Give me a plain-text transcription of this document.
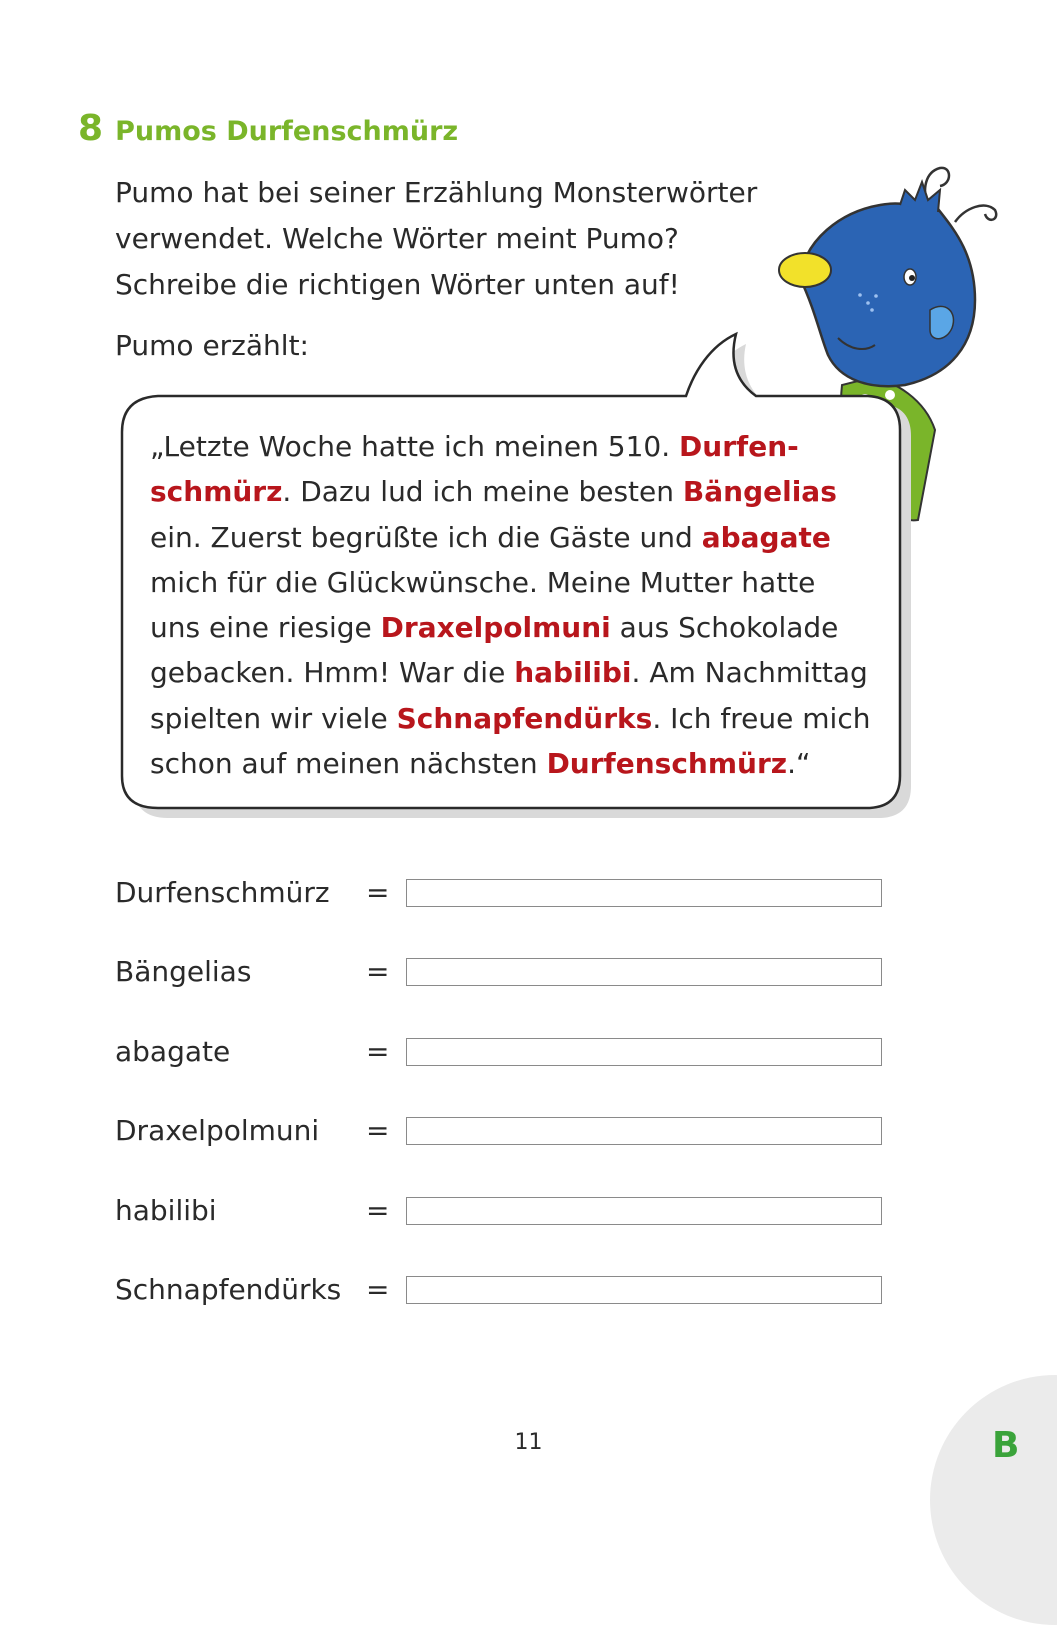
8 Pumos Durfenschmürz

Pumo hat bei seiner Erzählung Monsterwörter

verwendet. Welche Wörter meint Pumo?

Schreibe die richtigen Wörter unten auf!

Pumo erzählt:

„Letzte Woche hatte ich meinen 510. Durfen-
schmürz. Dazu lud ich meine besten Bängelias
ein. Zuerst begrüßte ich die Gäste und abagate
mich für die Glückwünsche. Meine Mutter hatte
uns eine riesige Draxelpolmuni aus Schokolade
gebacken. Hmm! War die habilibi. Am Nachmittag
spielten wir viele Schnapfendürks. Ich freue mich
schon auf meinen nächsten Durfenschmürz.“

Durfenschmürz =
Bängelias	=
abagate	=
Draxelpolmuni =
habilibi	=
Schnapfendürks =
11	B
